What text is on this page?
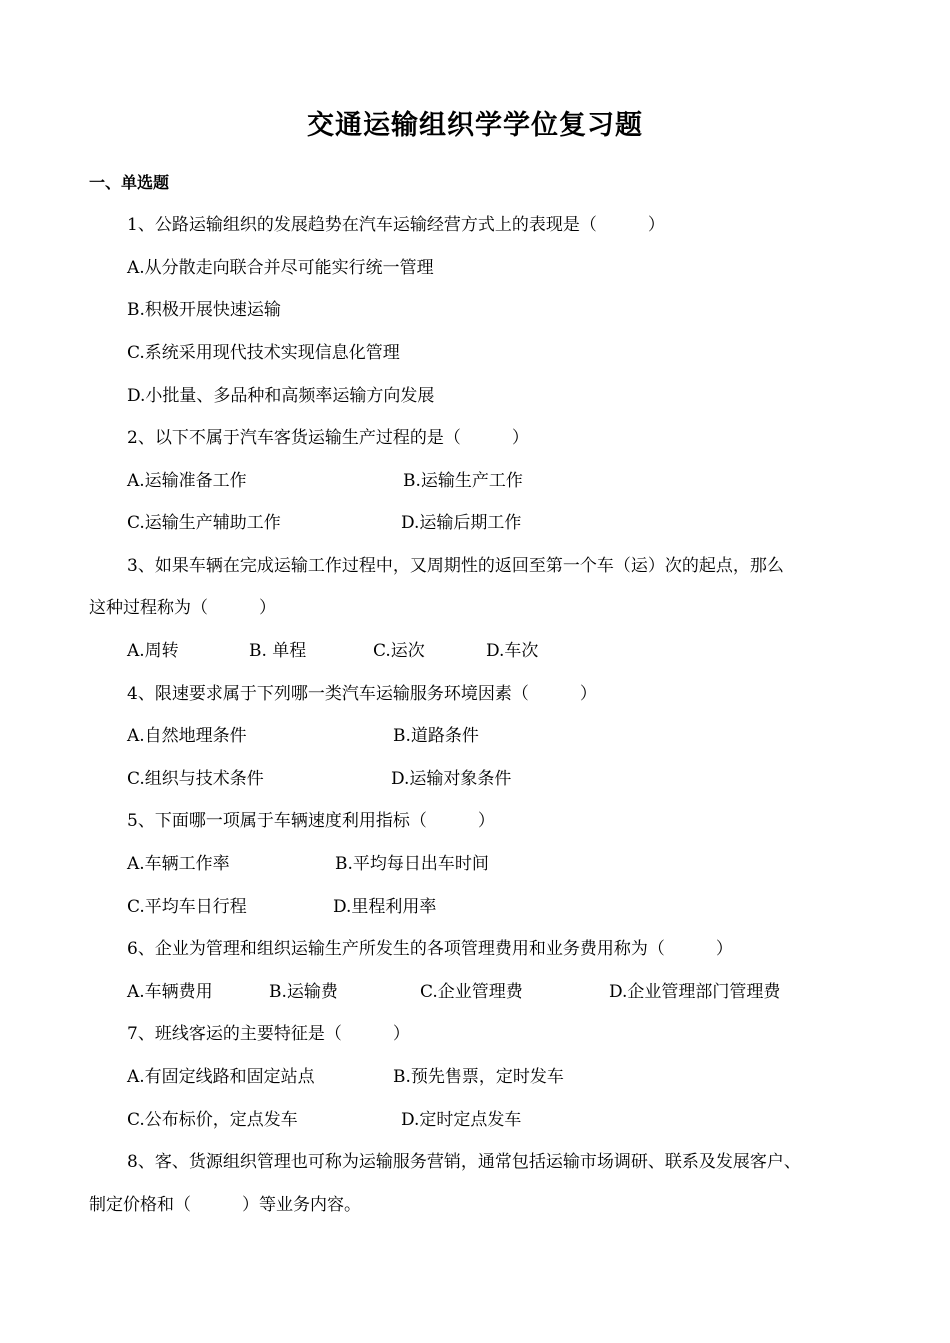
交通运输组织学学位复习题
一、单选题

1、公路运输组织的发展趋势在汽车运输经营方式上的表现是（　　　）

A.从分散走向联合并尽可能实行统一管理

B.积极开展快速运输

C.系统采用现代技术实现信息化管理

D.小批量、多品种和高频率运输方向发展

2、以下不属于汽车客货运输生产过程的是（　　　）

A.运输准备工作	B.运输生产工作
C.运输生产辅助工作	D.运输后期工作

3、如果车辆在完成运输工作过程中，又周期性的返回至第一个车（运）次的起点，那么

这种过程称为（　　　）

A.周转	B. 单程	C.运次	D.车次

4、限速要求属于下列哪一类汽车运输服务环境因素（　　　）

A.自然地理条件	B.道路条件
C.组织与技术条件	D.运输对象条件

5、下面哪一项属于车辆速度利用指标（　　　）

A.车辆工作率	B.平均每日出车时间
C.平均车日行程	D.里程利用率

6、企业为管理和组织运输生产所发生的各项管理费用和业务费用称为（　　　）

A.车辆费用	B.运输费	C.企业管理费	D.企业管理部门管理费

7、班线客运的主要特征是（　　　）

A.有固定线路和固定站点	B.预先售票，定时发车
C.公布标价，定点发车	D.定时定点发车

8、客、货源组织管理也可称为运输服务营销，通常包括运输市场调研、联系及发展客户、

制定价格和（　　　）等业务内容。
